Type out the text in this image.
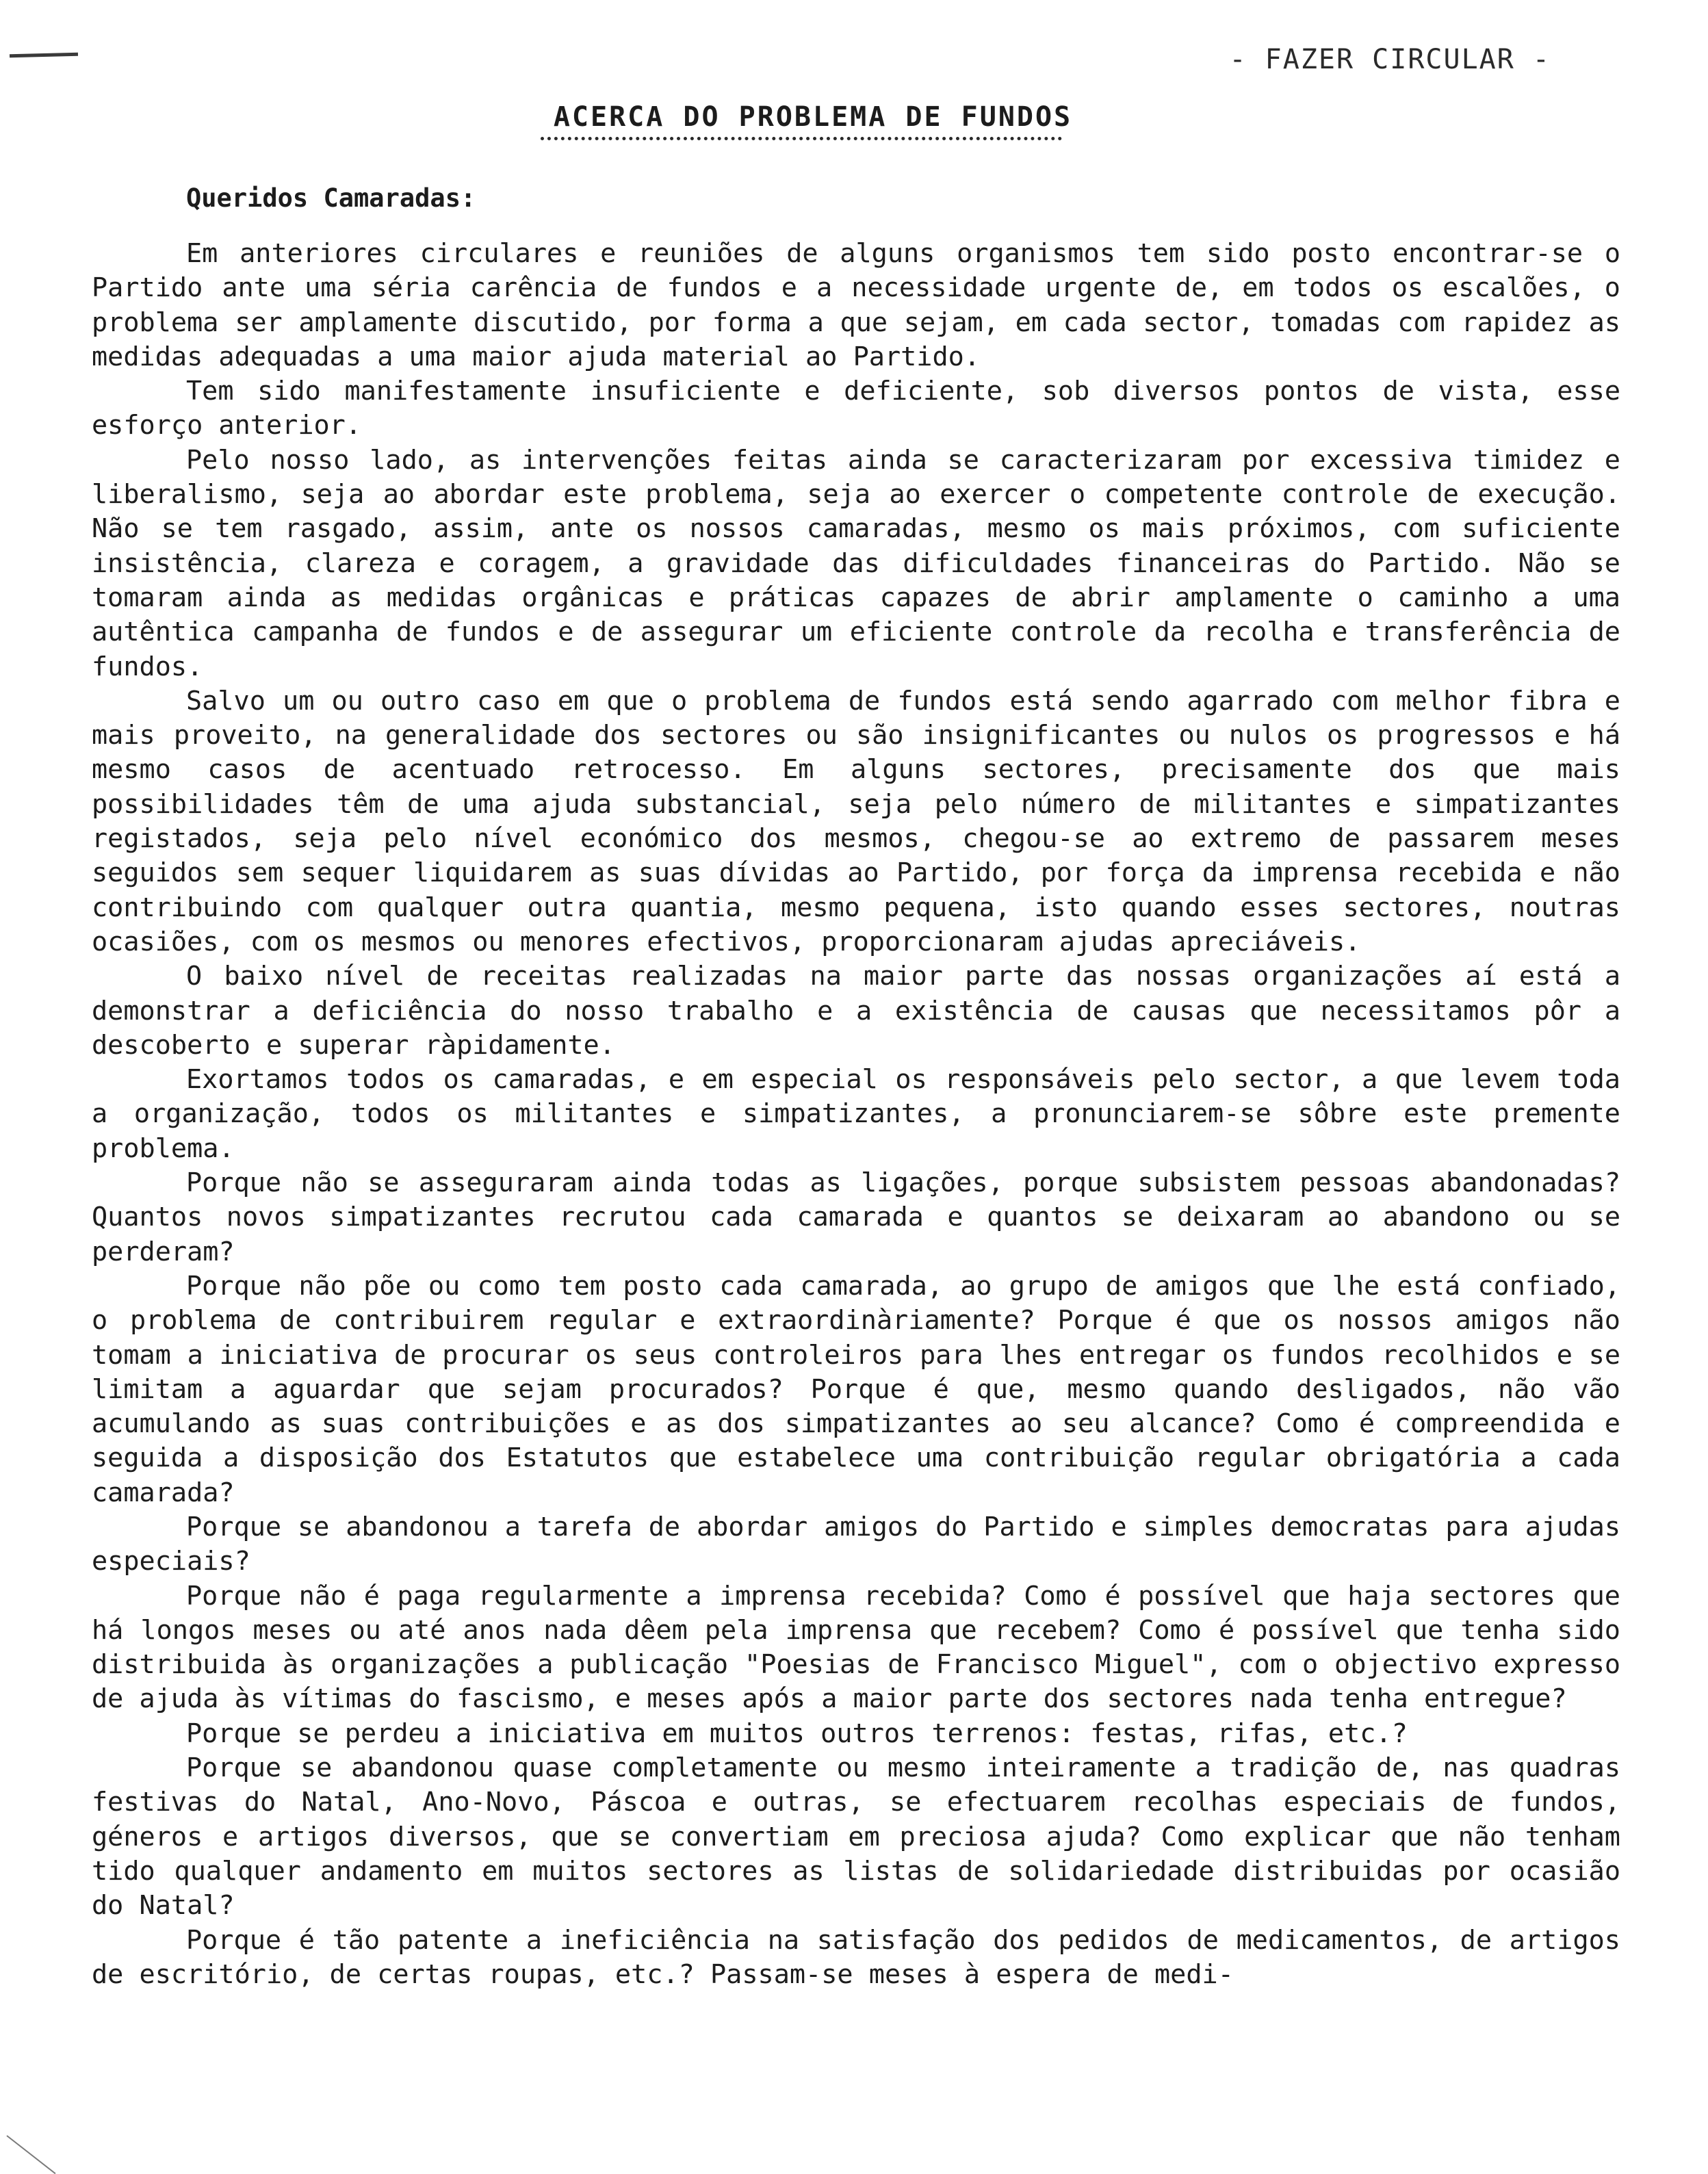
- FAZER CIRCULAR -
ACERCA DO PROBLEMA DE FUNDOS
Queridos Camaradas:

Em anteriores circulares e reuniões de alguns organismos tem sido posto encontrar-se o Partido ante uma séria carência de fundos e a necessidade urgente de, em todos os escalões, o problema ser amplamente discutido, por forma a que sejam, em cada sector, tomadas com rapidez as medidas adequadas a uma maior ajuda material ao Partido.

Tem sido manifestamente insuficiente e deficiente, sob diversos pontos de vista, esse esforço anterior.

Pelo nosso lado, as intervenções feitas ainda se caracterizaram por excessiva timidez e liberalismo, seja ao abordar este problema, seja ao exercer o competente controle de execução. Não se tem rasgado, assim, ante os nossos camaradas, mesmo os mais próximos, com suficiente insistência, clareza e coragem, a gravidade das dificuldades financeiras do Partido. Não se tomaram ainda as medidas orgânicas e práticas capazes de abrir amplamente o caminho a uma autêntica campanha de fundos e de assegurar um eficiente controle da recolha e transferência de fundos.

Salvo um ou outro caso em que o problema de fundos está sendo agarrado com melhor fibra e mais proveito, na generalidade dos sectores ou são insignificantes ou nulos os progressos e há mesmo casos de acentuado retrocesso. Em alguns sectores, precisamente dos que mais possibilidades têm de uma ajuda substancial, seja pelo número de militantes e simpatizantes registados, seja pelo nível económico dos mesmos, chegou-se ao extremo de passarem meses seguidos sem sequer liquidarem as suas dívidas ao Partido, por força da imprensa recebida e não contribuindo com qualquer outra quantia, mesmo pequena, isto quando esses sectores, noutras ocasiões, com os mesmos ou menores efectivos, proporcionaram ajudas apreciáveis.

O baixo nível de receitas realizadas na maior parte das nossas organizações aí está a demonstrar a deficiência do nosso trabalho e a existência de causas que necessitamos pôr a descoberto e superar ràpidamente.

Exortamos todos os camaradas, e em especial os responsáveis pelo sector, a que levem toda a organização, todos os militantes e simpatizantes, a pronunciarem-se sôbre este premente problema.

Porque não se asseguraram ainda todas as ligações, porque subsistem pessoas abandonadas? Quantos novos simpatizantes recrutou cada camarada e quantos se deixaram ao abandono ou se perderam?

Porque não põe ou como tem posto cada camarada, ao grupo de amigos que lhe está confiado, o problema de contribuirem regular e extraordinàriamente? Porque é que os nossos amigos não tomam a iniciativa de procurar os seus controleiros para lhes entregar os fundos recolhidos e se limitam a aguardar que sejam procurados? Porque é que, mesmo quando desligados, não vão acumulando as suas contribuições e as dos simpatizantes ao seu alcance? Como é compreendida e seguida a disposição dos Estatutos que estabelece uma contribuição regular obrigatória a cada camarada?

Porque se abandonou a tarefa de abordar amigos do Partido e simples democratas para ajudas especiais?

Porque não é paga regularmente a imprensa recebida? Como é possível que haja sectores que há longos meses ou até anos nada dêem pela imprensa que recebem? Como é possível que tenha sido distribuida às organizações a publicação "Poesias de Francisco Miguel", com o objectivo expresso de ajuda às vítimas do fascismo, e meses após a maior parte dos sectores nada tenha entregue?

Porque se perdeu a iniciativa em muitos outros terrenos: festas, rifas, etc.?

Porque se abandonou quase completamente ou mesmo inteiramente a tradição de, nas quadras festivas do Natal, Ano-Novo, Páscoa e outras, se efectuarem recolhas especiais de fundos, géneros e artigos diversos, que se convertiam em preciosa ajuda? Como explicar que não tenham tido qualquer andamento em muitos sectores as listas de solidariedade distribuidas por ocasião do Natal?

Porque é tão patente a ineficiência na satisfação dos pedidos de medicamentos, de artigos de escritório, de certas roupas, etc.? Passam-se meses à espera de medi-
